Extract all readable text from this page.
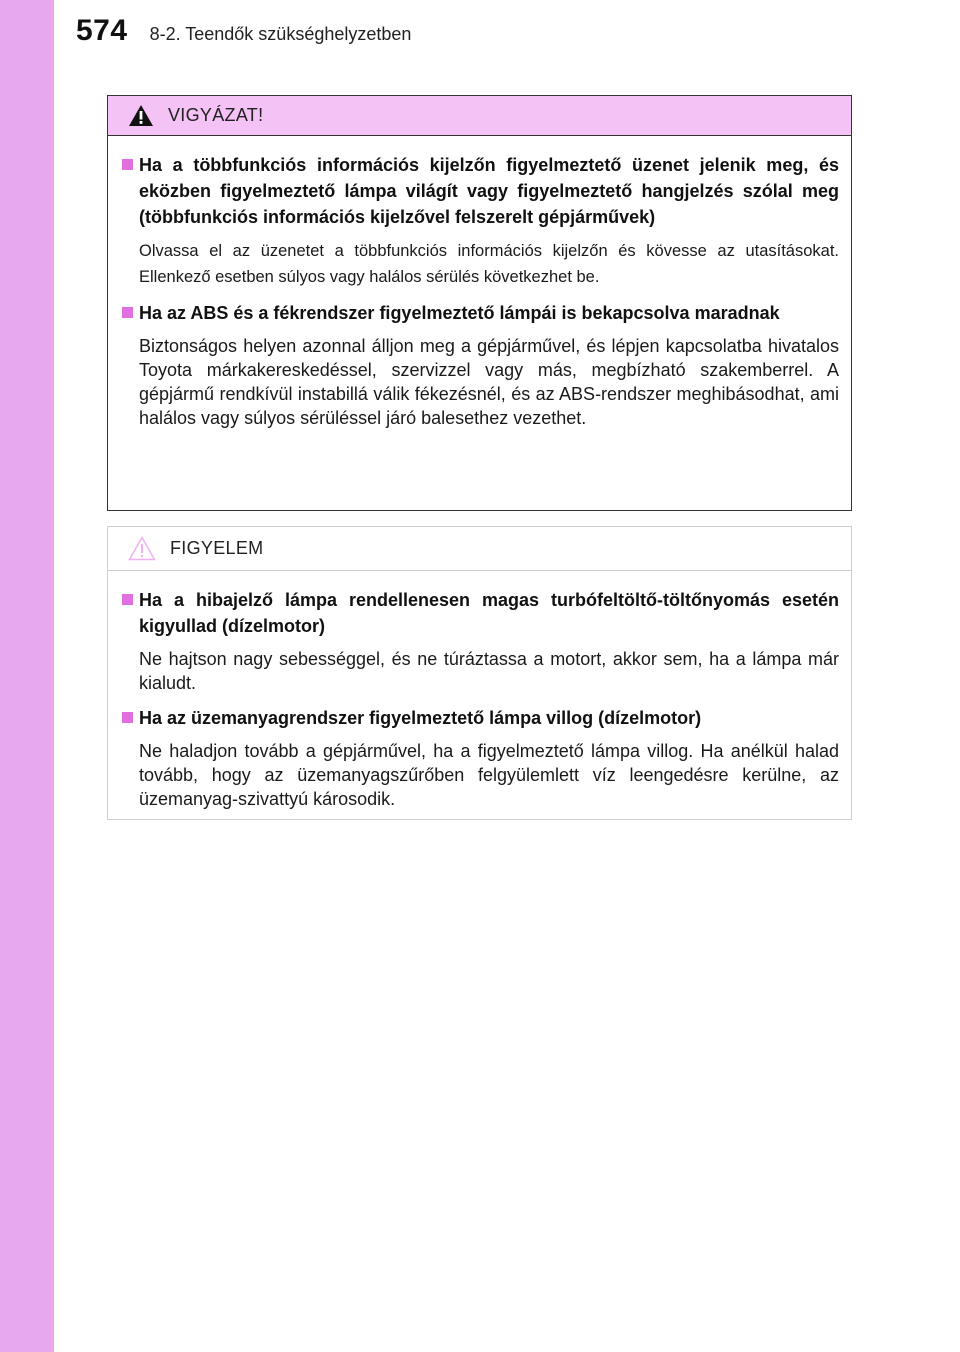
574 8-2. Teendők szükséghelyzetben
VIGYÁZAT!
Ha a többfunkciós információs kijelzőn figyelmeztető üzenet jelenik meg, és eközben figyelmeztető lámpa világít vagy figyelmeztető hangjelzés szólal meg (többfunkciós információs kijelzővel felszerelt gépjárművek)
Olvassa el az üzenetet a többfunkciós információs kijelzőn és kövesse az utasításokat. Ellenkező esetben súlyos vagy halálos sérülés következhet be.
Ha az ABS és a fékrendszer figyelmeztető lámpái is bekapcsolva maradnak
Biztonságos helyen azonnal álljon meg a gépjárművel, és lépjen kapcsolatba hivatalos Toyota márkakereskedéssel, szervizzel vagy más, megbízható szakemberrel. A gépjármű rendkívül instabillá válik fékezésnél, és az ABS-rendszer meghibásodhat, ami halálos vagy súlyos sérüléssel járó balesethez vezethet.
FIGYELEM
Ha a hibajelző lámpa rendellenesen magas turbófeltöltő-töltőnyomás esetén kigyullad (dízelmotor)
Ne hajtson nagy sebességgel, és ne túráztassa a motort, akkor sem, ha a lámpa már kialudt.
Ha az üzemanyagrendszer figyelmeztető lámpa villog (dízelmotor)
Ne haladjon tovább a gépjárművel, ha a figyelmeztető lámpa villog. Ha anélkül halad tovább, hogy az üzemanyagszűrőben felgyülemlett víz leengedésre kerülne, az üzemanyag-szivattyú károsodik.
